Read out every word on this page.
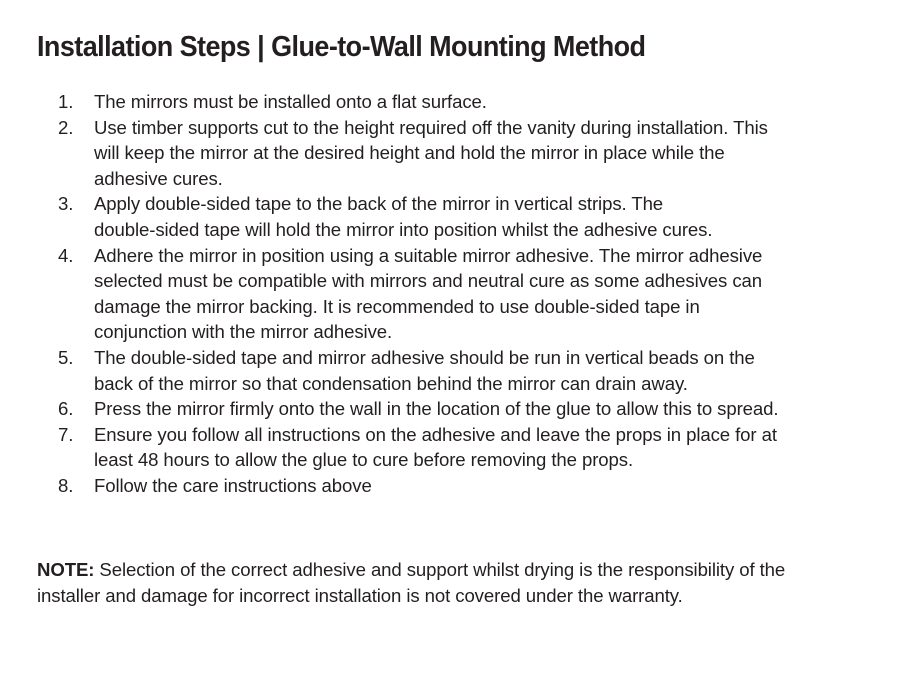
Installation Steps | Glue-to-Wall Mounting Method
1.	The mirrors must be installed onto a flat surface.
2.	Use timber supports cut to the height required off the vanity during installation. This
will keep the mirror at the desired height and hold the mirror in place while the
adhesive cures.
3.	Apply double-sided tape to the back of the mirror in vertical strips. The
double-sided tape will hold the mirror into position whilst the adhesive cures.
4.	Adhere the mirror in position using a suitable mirror adhesive. The mirror adhesive
selected must be compatible with mirrors and neutral cure as some adhesives can
damage the mirror backing. It is recommended to use double-sided tape in
conjunction with the mirror adhesive.
5.	The double-sided tape and mirror adhesive should be run in vertical beads on the
back of the mirror so that condensation behind the mirror can drain away.
6.	Press the mirror firmly onto the wall in the location of the glue to allow this to spread.
7.	Ensure you follow all instructions on the adhesive and leave the props in place for at
least 48 hours to allow the glue to cure before removing the props.
8.	Follow the care instructions above

NOTE: Selection of the correct adhesive and support whilst drying is the responsibility of the
installer and damage for incorrect installation is not covered under the warranty.
